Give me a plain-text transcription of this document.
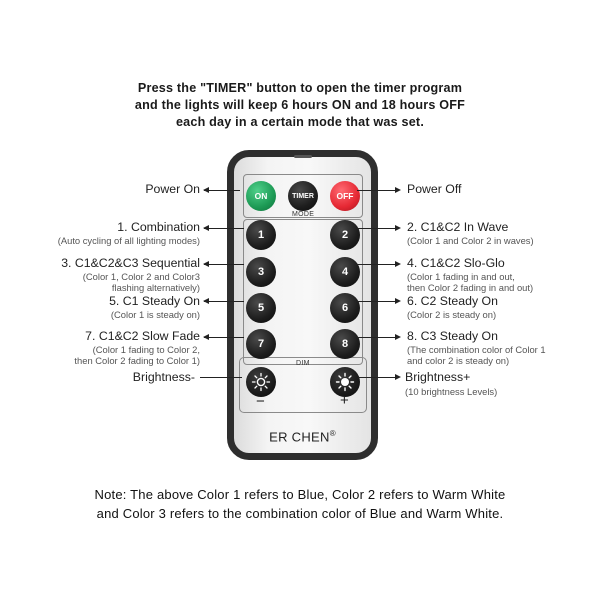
Press the "TIMER" button to open the timer program
and the lights will keep 6 hours ON and 18 hours OFF
each day in a certain mode that was set.
MODE
DIM
ON	TIMER	OFF
1	2
3	4
5	6
7	8
−	+
ER CHEN®
Power On
1. Combination
(Auto cycling of all lighting modes)
3. C1&C2&C3 Sequential
(Color 1, Color 2 and Color3
flashing alternatively)
5. C1 Steady On
(Color 1 is steady on)
7. C1&C2 Slow Fade
(Color 1 fading to Color 2,
then Color 2 fading to Color 1)
Brightness-
Power Off
2. C1&C2 In Wave
(Color 1 and Color 2 in waves)
4. C1&C2 Slo-Glo
(Color 1 fading in and out,
then Color 2 fading in and out)
6. C2 Steady On
(Color 2 is steady on)
8. C3 Steady On
(The combination color of Color 1
and color 2 is steady on)
Brightness+
(10 brightness Levels)
Note: The above Color 1 refers to Blue, Color 2 refers to Warm White
and Color 3 refers to the combination color of Blue and Warm White.
